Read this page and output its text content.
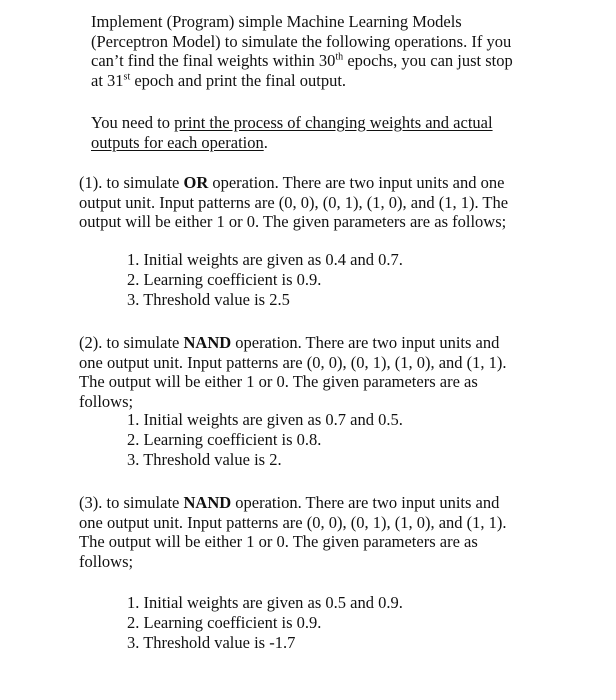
Implement (Program) simple Machine Learning Models (Perceptron Model) to simulate the following operations. If you can’t find the final weights within 30th epochs, you can just stop at 31st epoch and print the final output.

You need to print the process of changing weights and actual outputs for each operation.

(1). to simulate OR operation. There are two input units and one output unit. Input patterns are (0, 0), (0, 1), (1, 0), and (1, 1). The output will be either 1 or 0. The given parameters are as follows;

1. Initial weights are given as 0.4 and 0.7.
2. Learning coefficient is 0.9.
3. Threshold value is 2.5

(2). to simulate NAND operation. There are two input units and one output unit. Input patterns are (0, 0), (0, 1), (1, 0), and (1, 1). The output will be either 1 or 0. The given parameters are as follows;

1. Initial weights are given as 0.7 and 0.5.
2. Learning coefficient is 0.8.
3. Threshold value is 2.

(3). to simulate NAND operation. There are two input units and one output unit. Input patterns are (0, 0), (0, 1), (1, 0), and (1, 1). The output will be either 1 or 0. The given parameters are as follows;

1. Initial weights are given as 0.5 and 0.9.
2. Learning coefficient is 0.9.
3. Threshold value is -1.7
